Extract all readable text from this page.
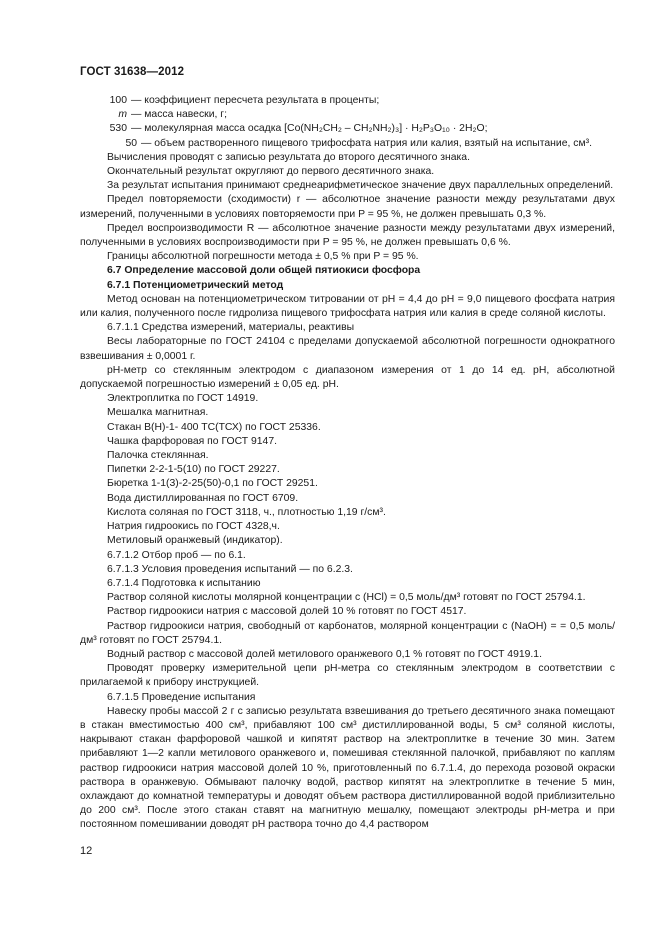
ГОСТ 31638—2012
100 — коэффициент пересчета результата в проценты;
m — масса навески, г;
530 — молекулярная масса осадка [Co(NH₂CH₂ – CH₂NH₂)₃] · H₂P₃O₁₀ · 2H₂O;
50 — объем растворенного пищевого трифосфата натрия или калия, взятый на испытание, см³.

Вычисления проводят с записью результата до второго десятичного знака.

Окончательный результат округляют до первого десятичного знака.

За результат испытания принимают среднеарифметическое значение двух параллельных определений.

Предел повторяемости (сходимости) r — абсолютное значение разности между результатами двух измерений, полученными в условиях повторяемости при P = 95 %, не должен превышать 0,3 %.

Предел воспроизводимости R — абсолютное значение разности между результатами двух измерений, полученными в условиях воспроизводимости при P = 95 %, не должен превышать 0,6 %.

Границы абсолютной погрешности метода ± 0,5 % при P = 95 %.

6.7 Определение массовой доли общей пятиокиси фосфора

6.7.1 Потенциометрический метод

Метод основан на потенциометрическом титровании от рН = 4,4 до рН = 9,0 пищевого фосфата натрия или калия, полученного после гидролиза пищевого трифосфата натрия или калия в среде соляной кислоты.

6.7.1.1 Средства измерений, материалы, реактивы

Весы лабораторные по ГОСТ 24104 с пределами допускаемой абсолютной погрешности однократного взвешивания ± 0,0001 г.

рН-метр со стеклянным электродом с диапазоном измерения от 1 до 14 ед. рН, абсолютной допускаемой погрешностью измерений ± 0,05 ед. рН.

Электроплитка по ГОСТ 14919.

Мешалка магнитная.

Стакан В(Н)-1- 400 ТС(ТСХ) по ГОСТ 25336.

Чашка фарфоровая по ГОСТ 9147.

Палочка стеклянная.

Пипетки 2-2-1-5(10) по ГОСТ 29227.

Бюретка 1-1(3)-2-25(50)-0,1 по ГОСТ 29251.

Вода дистиллированная по ГОСТ 6709.

Кислота соляная по ГОСТ 3118, ч., плотностью 1,19 г/см³.

Натрия гидроокись по ГОСТ 4328,ч.

Метиловый оранжевый (индикатор).

6.7.1.2 Отбор проб — по 6.1.

6.7.1.3 Условия проведения испытаний — по 6.2.3.

6.7.1.4 Подготовка к испытанию

Раствор соляной кислоты молярной концентрации c (HCl) = 0,5 моль/дм³ готовят по ГОСТ 25794.1.

Раствор гидроокиси натрия с массовой долей 10 % готовят по ГОСТ 4517.

Раствор гидроокиси натрия, свободный от карбонатов, молярной концентрации c (NaOH) = = 0,5 моль/дм³ готовят по ГОСТ 25794.1.

Водный раствор с массовой долей метилового оранжевого 0,1 % готовят по ГОСТ 4919.1.

Проводят проверку измерительной цепи рН-метра со стеклянным электродом в соответствии с прилагаемой к прибору инструкцией.

6.7.1.5 Проведение испытания

Навеску пробы массой 2 г с записью результата взвешивания до третьего десятичного знака помещают в стакан вместимостью 400 см³, прибавляют 100 см³ дистиллированной воды, 5 см³ соляной кислоты, накрывают стакан фарфоровой чашкой и кипятят раствор на электроплитке в течение 30 мин. Затем прибавляют 1—2 капли метилового оранжевого и, помешивая стеклянной палочкой, прибавляют по каплям раствор гидроокиси натрия массовой долей 10 %, приготовленный по 6.7.1.4, до перехода розовой окраски раствора в оранжевую. Обмывают палочку водой, раствор кипятят на электроплитке в течение 5 мин, охлаждают до комнатной температуры и доводят объем раствора дистиллированной водой приблизительно до 200 см³. После этого стакан ставят на магнитную мешалку, помещают электроды рН-метра и при постоянном помешивании доводят рН раствора точно до 4,4 раствором

12
